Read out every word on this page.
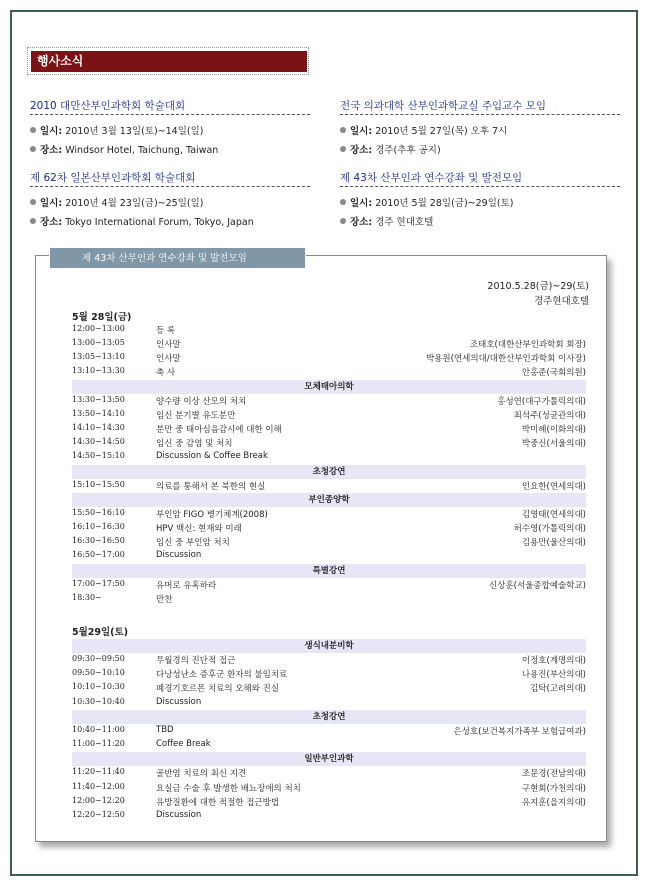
행사소식
2010 대만산부인과학회 학술대회
일시: 2010년 3월 13일(토)~14일(일)
장소: Windsor Hotel, Taichung, Taiwan
전국 의과대학 산부인과학교실 주임교수 모임
일시: 2010년 5월 27일(목) 오후 7시
장소: 경주(추후 공지)
제 62차 일본산부인과학회 학술대회
일시: 2010년 4월 23일(금)~25일(일)
장소: Tokyo International Forum, Tokyo, Japan
제 43차 산부인과 연수강좌 및 발전모임
일시: 2010년 5월 28일(금)~29일(토)
장소: 경주 현대호텔
제 43차 산부인과 연수강좌 및 발전모임
2010.5.28(금)~29(토)
경주현대호텔
5월 28일(금)
5월29일(토)
12:00~13:00	등 록
13:00~13:05	인사말	조태호(대한산부인과학회 회장)
13:05~13:10	인사말	박용원(연세의대/대한산부인과학회 이사장)
13:10~13:30	축 사	안홍준(국회의원)
모체태아의학
13:30~13:50	양수량 이상 산모의 처치	홍성연(대구가톨릭의대)
13:50~14:10	임신 분기별 유도분만	최석주(성균관의대)
14:10~14:30	분만 중 태아심음감시에 대한 이해	박미혜(이화의대)
14:30~14:50	임신 중 감염 및 처치	박중신(서울의대)
14:50~15:10	Discussion & Coffee Break
초청강연
15:10~15:50	의료를 통해서 본 북한의 현실	인요한(연세의대)
부인종양학
15:50~16:10	부인암 FIGO 병기체계(2008)	김영태(연세의대)
16:10~16:30	HPV 백신: 현재와 미래	허수영(가톨릭의대)
16:30~16:50	임신 중 부인암 처치	김용만(울산의대)
16:50~17:00	Discussion
특별강연
17:00~17:50	유머로 유혹하라	신상훈(서울종합예술학교)
18:30~	만찬
생식내분비학
09:30~09:50	무월경의 진단적 접근	이정호(계명의대)
09:50~10:10	다낭성난소 증후군 환자의 불임치료	나용진(부산의대)
10:10~10:30	폐경기호르몬 치료의 오해와 진실	김탁(고려의대)
10:30~10:40	Discussion
초청강연
10:40~11:00	TBD	은성호(보건복지가족부 보험급여과)
11:00~11:20	Coffee Break
일반부인과학
11:20~11:40	골반염 치료의 최신 지견	조문경(전남의대)
11:40~12:00	요실금 수술 후 발생한 배뇨장애의 처치	구현회(가천의대)
12:00~12:20	유방질환에 대한 적절한 접근방법	유지훈(을지의대)
12:20~12:50	Discussion
